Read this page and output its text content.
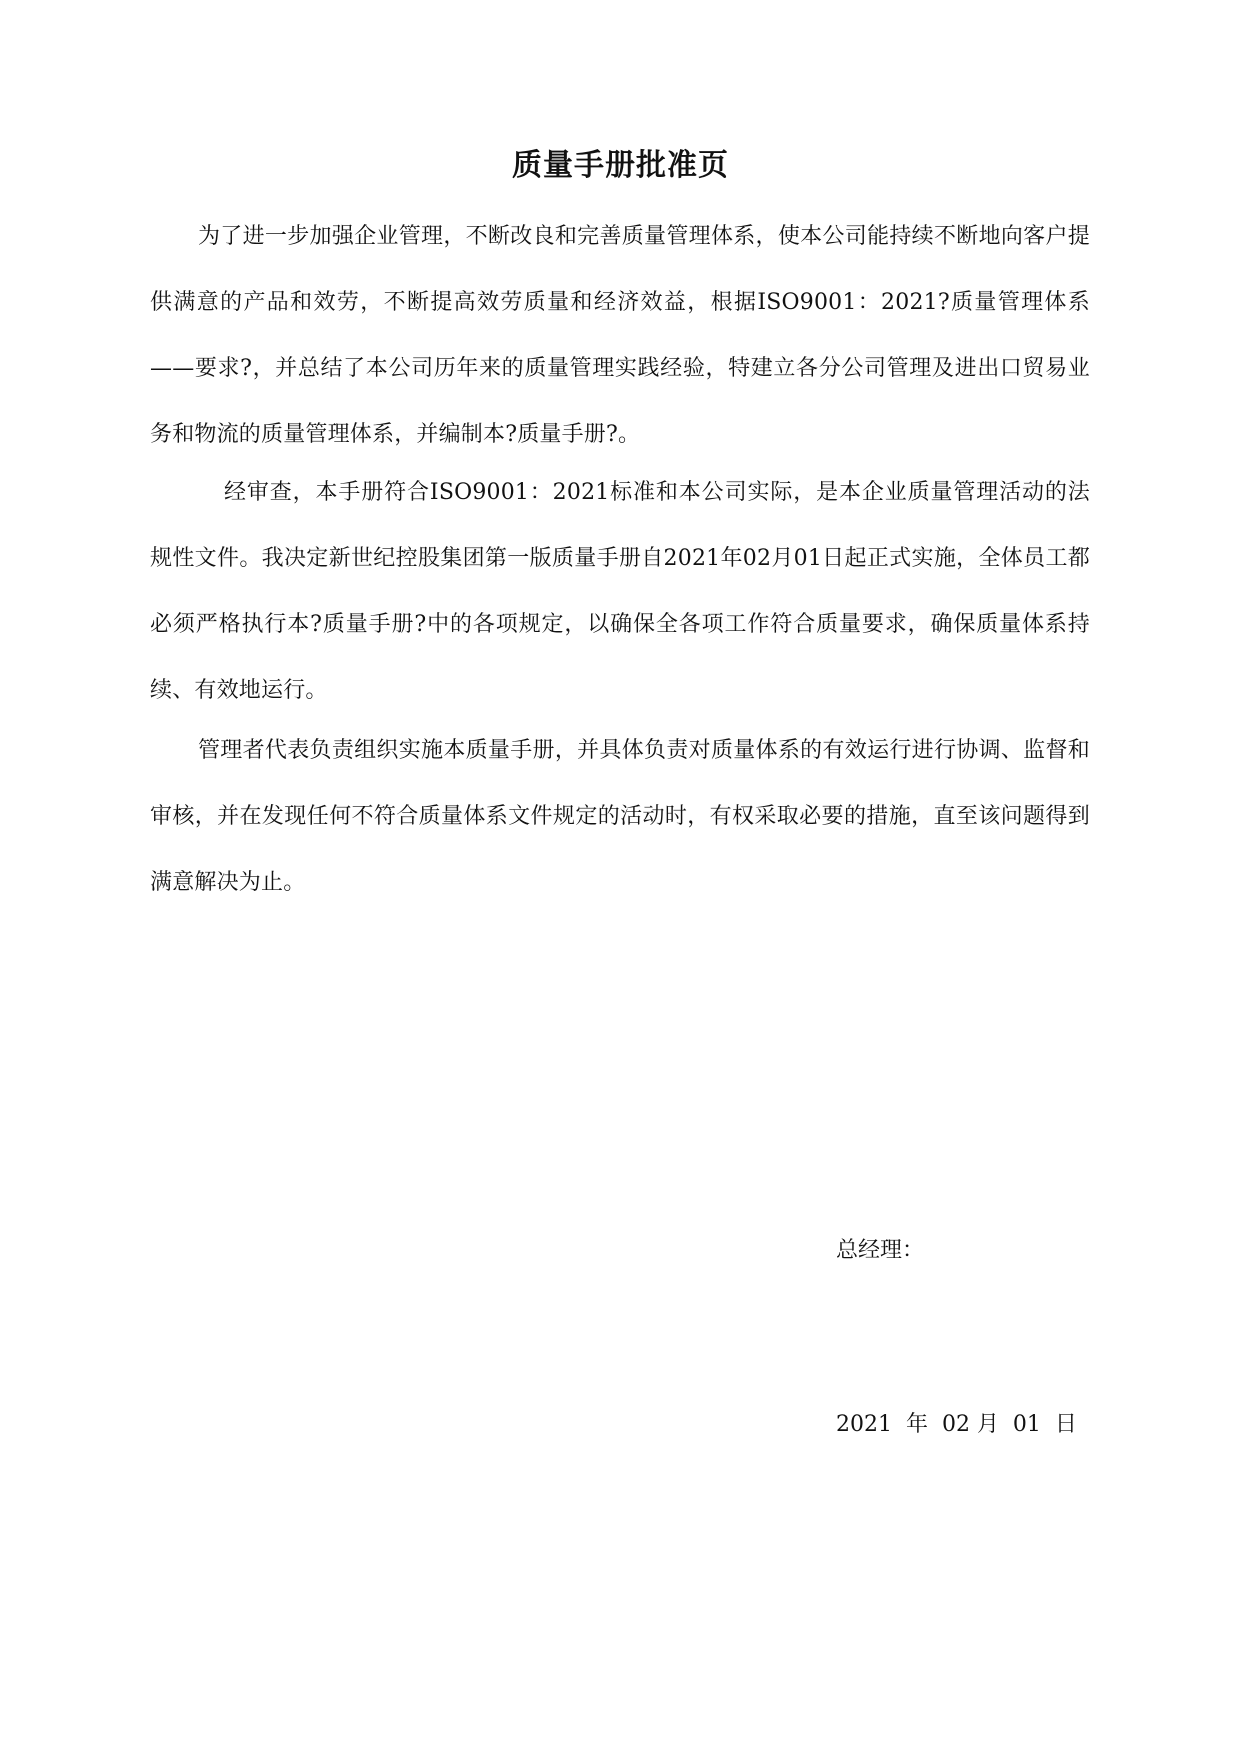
质量手册批准页

为了进一步加强企业管理，不断改良和完善质量管理体系，使本公司能持续不断地向客户提供满意的产品和效劳，不断提高效劳质量和经济效益，根据ISO9001：2021?质量管理体系——要求?，并总结了本公司历年来的质量管理实践经验，特建立各分公司管理及进出口贸易业务和物流的质量管理体系，并编制本?质量手册?。

经审查，本手册符合ISO9001：2021标准和本公司实际，是本企业质量管理活动的法规性文件。我决定新世纪控股集团第一版质量手册自2021年02月01日起正式实施，全体员工都必须严格执行本?质量手册?中的各项规定，以确保全各项工作符合质量要求，确保质量体系持续、有效地运行。

管理者代表负责组织实施本质量手册，并具体负责对质量体系的有效运行进行协调、监督和审核，并在发现任何不符合质量体系文件规定的活动时，有权采取必要的措施，直至该问题得到满意解决为止。

总经理：

2021  年  02 月  01  日
